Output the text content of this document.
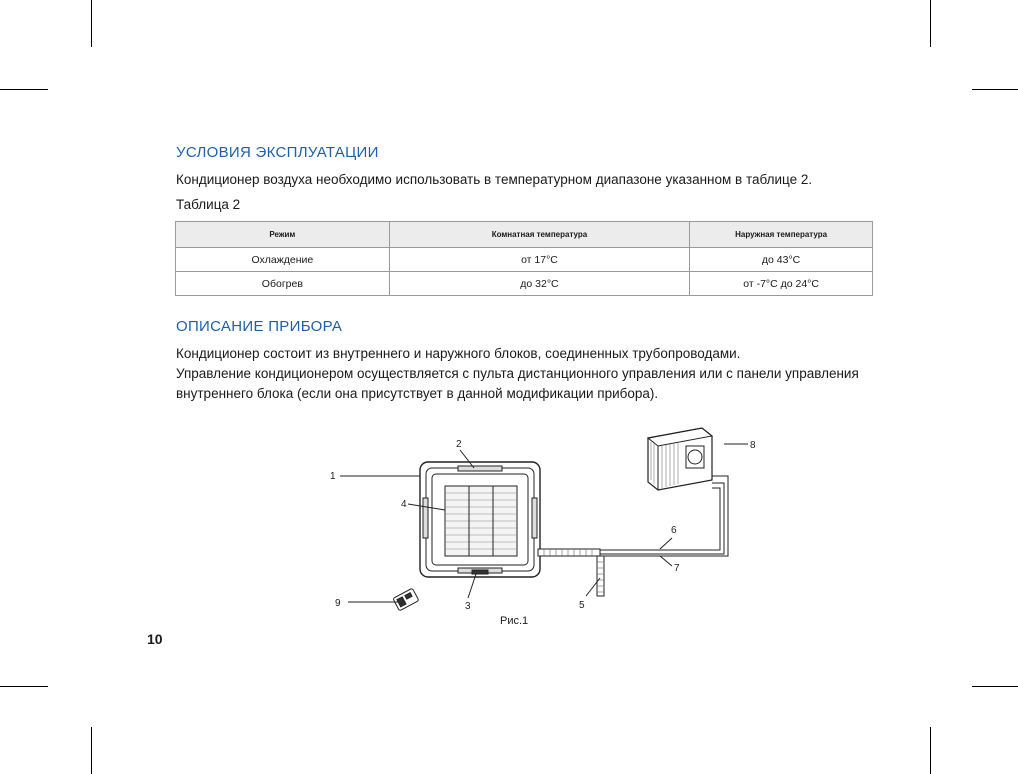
УСЛОВИЯ ЭКСПЛУАТАЦИИ

Кондиционер воздуха необходимо использовать в температурном диапазоне указанном в таблице 2.

Таблица 2

Режим	Комнатная температура	Наружная температура
Охлаждение	от 17°C	до 43°C
Обогрев	до 32°C	от -7°C до 24°C
ОПИСАНИЕ ПРИБОРА

Кондиционер состоит из внутреннего и наружного блоков, соединенных трубопроводами.

Управление кондиционером осуществляется с пульта дистанционного управления или с панели управления

внутреннего блока (если она присутствует в данной модификации прибора).

1
2
3
4
5
6
7
8
9
Рис.1
10
